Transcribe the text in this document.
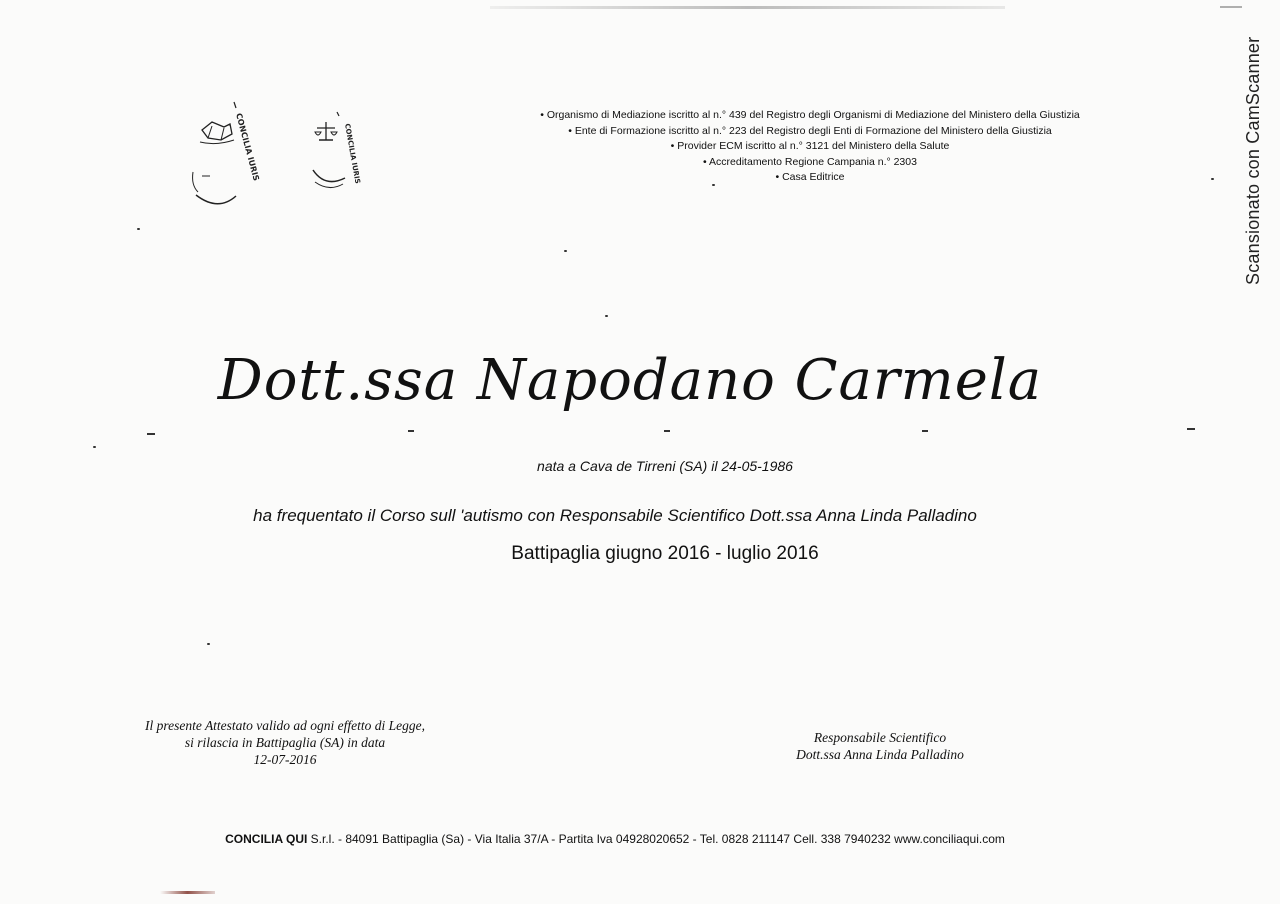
Scansionato con CamScanner
CONCILIA IURIS	CONCILIA IURIS
• Organismo di Mediazione iscritto al n.° 439 del Registro degli Organismi di Mediazione del Ministero della Giustizia
• Ente di Formazione iscritto al n.° 223 del Registro degli Enti di Formazione del Ministero della Giustizia
• Provider ECM iscritto al n.° 3121 del Ministero della Salute
• Accreditamento Regione Campania n.° 2303
• Casa Editrice
Dott.ssa Napodano Carmela
nata a Cava de Tirreni (SA) il 24-05-1986
ha frequentato il Corso sull 'autismo con Responsabile Scientifico Dott.ssa Anna Linda Palladino
Battipaglia giugno 2016 - luglio 2016
Il presente Attestato valido ad ogni effetto di Legge,
si rilascia in Battipaglia (SA) in data
12-07-2016
Responsabile Scientifico
Dott.ssa Anna Linda Palladino
CONCILIA QUI S.r.l. - 84091 Battipaglia (Sa) - Via Italia 37/A - Partita Iva 04928020652 - Tel. 0828 211147 Cell. 338 7940232 www.conciliaqui.com
